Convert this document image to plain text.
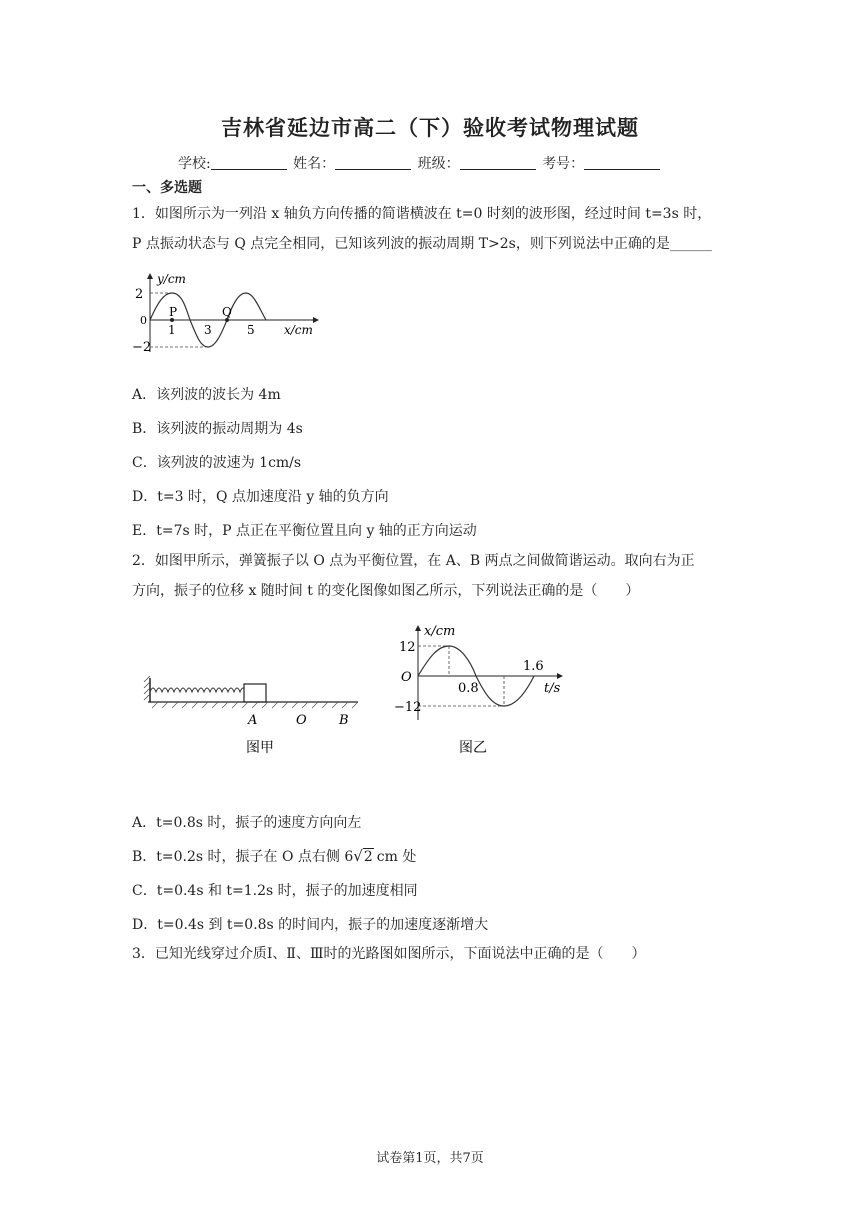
吉林省延边市高二（下）验收考试物理试题
学校:	姓名：	班级：	考号：
一、多选题
1．如图所示为一列沿 x 轴负方向传播的简谐横波在 t=0 时刻的波形图，经过时间 t=3s 时，
P 点振动状态与 Q 点完全相同，已知该列波的振动周期 T>2s，则下列说法中正确的是______
y/cm
2
−2
0
P	Q
1 3	5 x/cm
A．该列波的波长为 4m
B．该列波的振动周期为 4s
C．该列波的波速为 1cm/s
D．t=3 时，Q 点加速度沿 y 轴的负方向
E．t=7s 时，P 点正在平衡位置且向 y 轴的正方向运动
2．如图甲所示，弹簧振子以 O 点为平衡位置，在 A、B 两点之间做简谐运动。取向右为正
方向，振子的位移 x 随时间 t 的变化图像如图乙所示，下列说法正确的是（　　）
A	O B
图甲
x/cm
12
−12
O
0.8
1.6
t/s
图乙
A．t=0.8s 时，振子的速度方向向左
B．t=0.2s 时，振子在 O 点右侧 6√2 cm 处
C．t=0.4s 和 t=1.2s 时，振子的加速度相同
D．t=0.4s 到 t=0.8s 的时间内，振子的加速度逐渐增大
3．已知光线穿过介质Ⅰ、Ⅱ、Ⅲ时的光路图如图所示，下面说法中正确的是（　　）
试卷第1页，共7页
